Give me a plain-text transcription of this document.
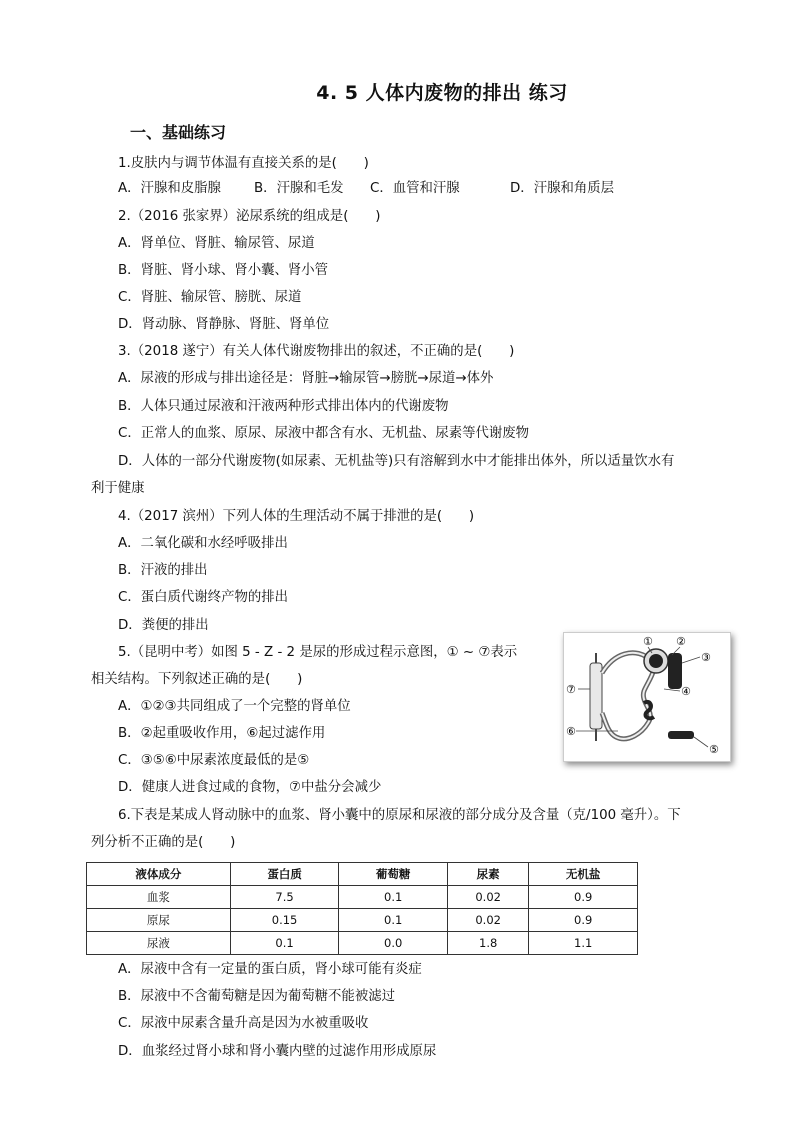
4. 5 人体内废物的排出 练习
一、基础练习
1.皮肤内与调节体温有直接关系的是(　　)
A．汗腺和皮脂腺 B．汗腺和毛发 C．血管和汗腺	D．汗腺和角质层
2.（2016 张家界）泌尿系统的组成是(　　)
A．肾单位、肾脏、输尿管、尿道
B．肾脏、肾小球、肾小囊、肾小管
C．肾脏、输尿管、膀胱、尿道
D．肾动脉、肾静脉、肾脏、肾单位
3.（2018 遂宁）有关人体代谢废物排出的叙述，不正确的是(　　)
A．尿液的形成与排出途径是：肾脏→输尿管→膀胱→尿道→体外
B．人体只通过尿液和汗液两种形式排出体内的代谢废物
C．正常人的血浆、原尿、尿液中都含有水、无机盐、尿素等代谢废物
D．人体的一部分代谢废物(如尿素、无机盐等)只有溶解到水中才能排出体外，所以适量饮水有
利于健康
4.（2017 滨州）下列人体的生理活动不属于排泄的是(　　)
A．二氧化碳和水经呼吸排出
B．汗液的排出
C．蛋白质代谢终产物的排出
D．粪便的排出
5.（昆明中考）如图 5 - Z - 2 是尿的形成过程示意图，① ~ ⑦表示
相关结构。下列叙述正确的是(　　)
A．①②③共同组成了一个完整的肾单位
B．②起重吸收作用，⑥起过滤作用
C．③⑤⑥中尿素浓度最低的是⑤
D．健康人进食过咸的食物，⑦中盐分会减少
① ②
③
④
⑤
⑥
⑦
6.下表是某成人肾动脉中的血浆、肾小囊中的原尿和尿液的部分成分及含量（克/100 毫升）。下
列分析不正确的是(　　)
液体成分	蛋白质	葡萄糖	尿素	无机盐
血浆	7.5	0.1	0.02	0.9
原尿	0.15	0.1	0.02	0.9
尿液	0.1	0.0	1.8	1.1
A．尿液中含有一定量的蛋白质，肾小球可能有炎症
B．尿液中不含葡萄糖是因为葡萄糖不能被滤过
C．尿液中尿素含量升高是因为水被重吸收
D．血浆经过肾小球和肾小囊内壁的过滤作用形成原尿
